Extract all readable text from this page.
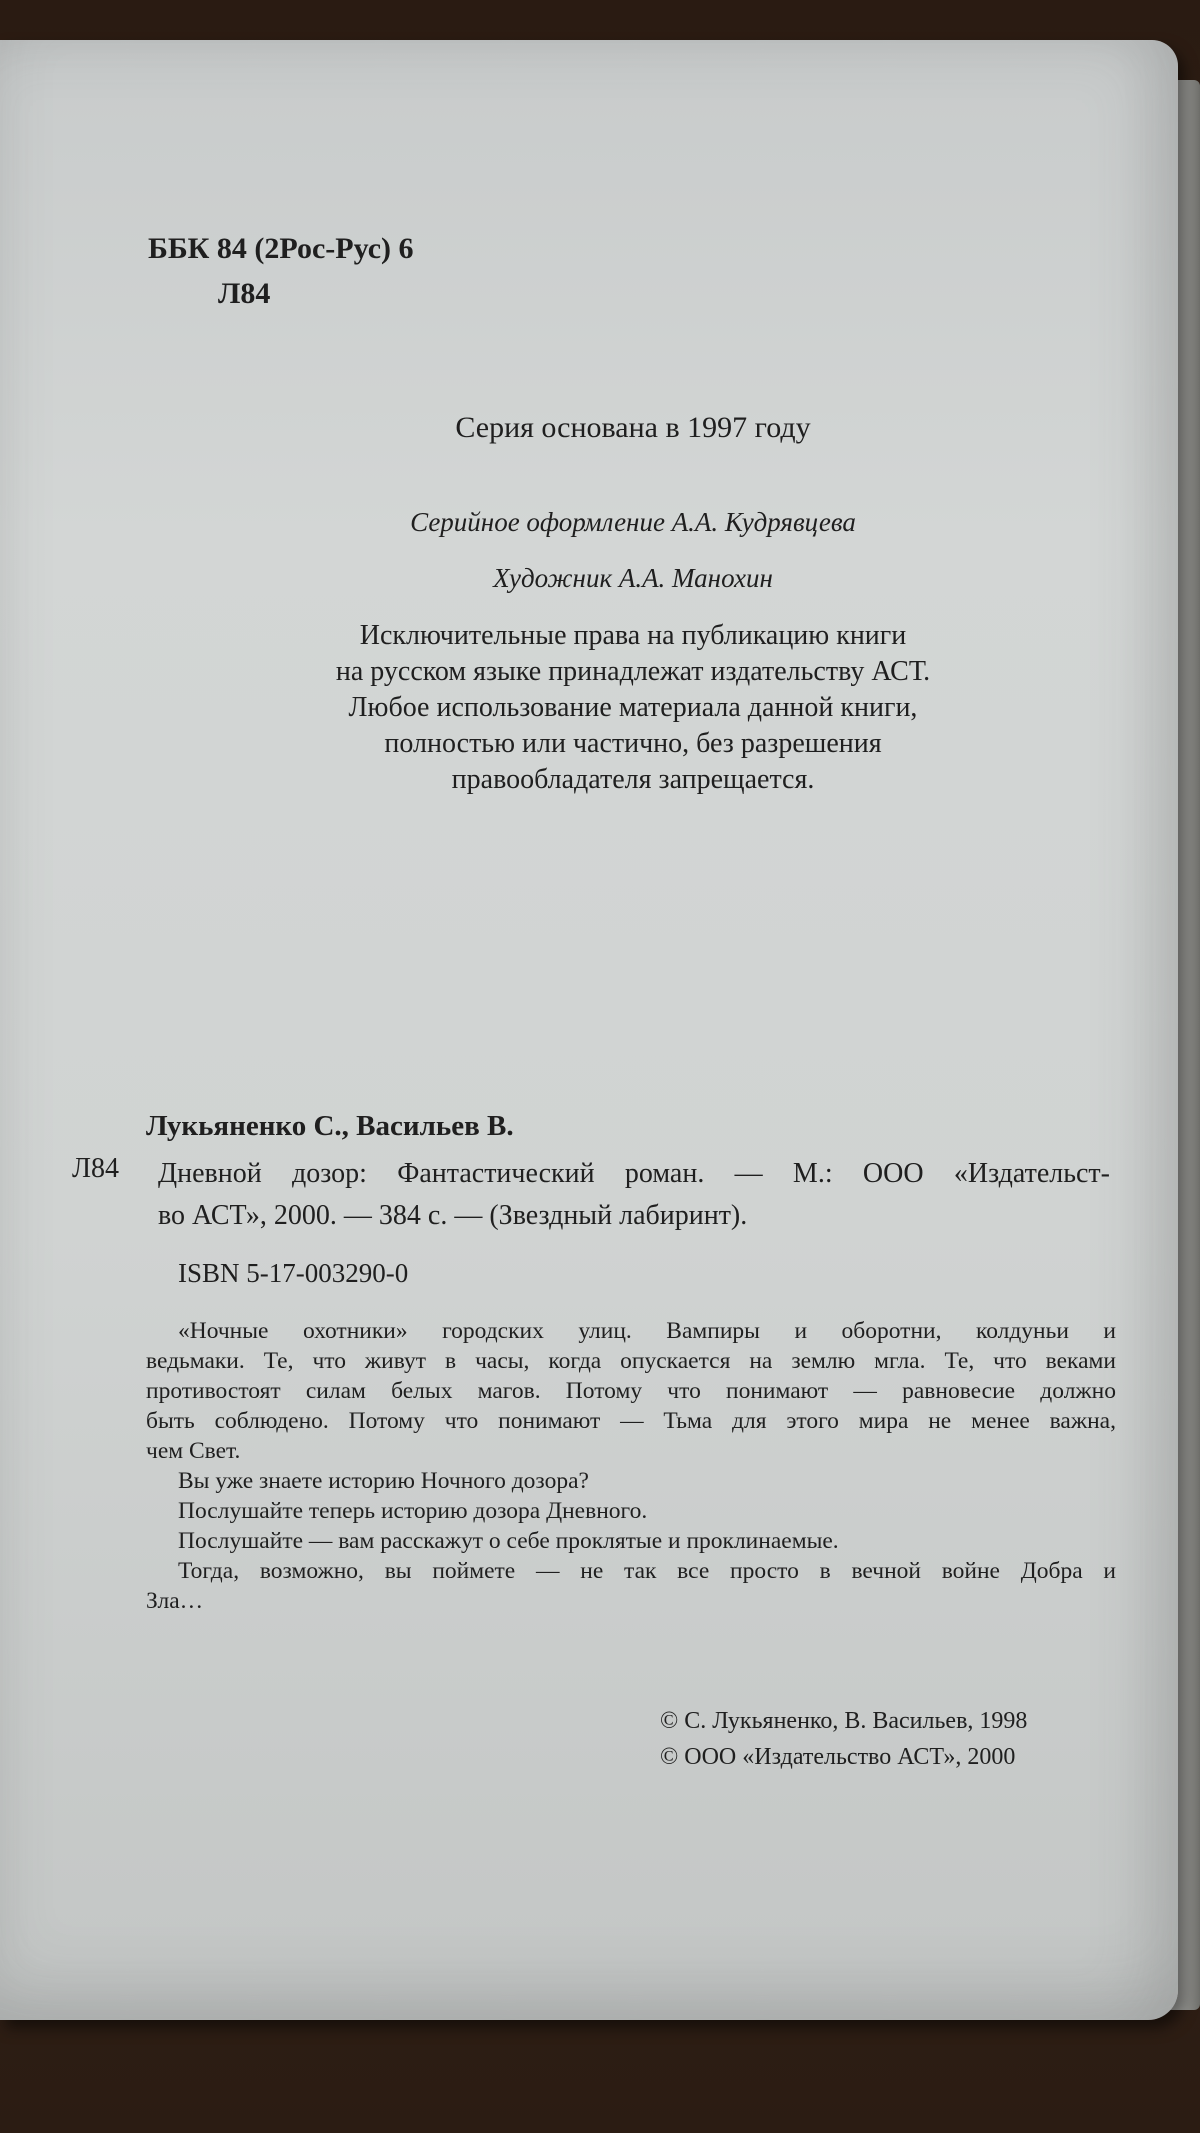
ББК 84 (2Рос-Рус) 6
Л84
Серия основана в 1997 году
Серийное оформление А.А. Кудрявцева
Художник А.А. Манохин
Исключительные права на публикацию книги
на русском языке принадлежат издательству АСТ.
Любое использование материала данной книги,
полностью или частично, без разрешения
правообладателя запрещается.
Лукьяненко С., Васильев В.
Л84 Дневной дозор: Фантастический роман. — М.: ООО «Издательст-
во АСТ», 2000. — 384 с. — (Звездный лабиринт).
ISBN 5-17-003290-0
«Ночные охотники» городских улиц. Вампиры и оборотни, колдуньи и
ведьмаки. Те, что живут в часы, когда опускается на землю мгла. Те, что веками
противостоят силам белых магов. Потому что понимают — равновесие должно
быть соблюдено. Потому что понимают — Тьма для этого мира не менее важна,
чем Свет.
Вы уже знаете историю Ночного дозора?
Послушайте теперь историю дозора Дневного.
Послушайте — вам расскажут о себе проклятые и проклинаемые.
Тогда, возможно, вы поймете — не так все просто в вечной войне Добра и
Зла…
© С. Лукьяненко, В. Васильев, 1998
© ООО «Издательство АСТ», 2000
